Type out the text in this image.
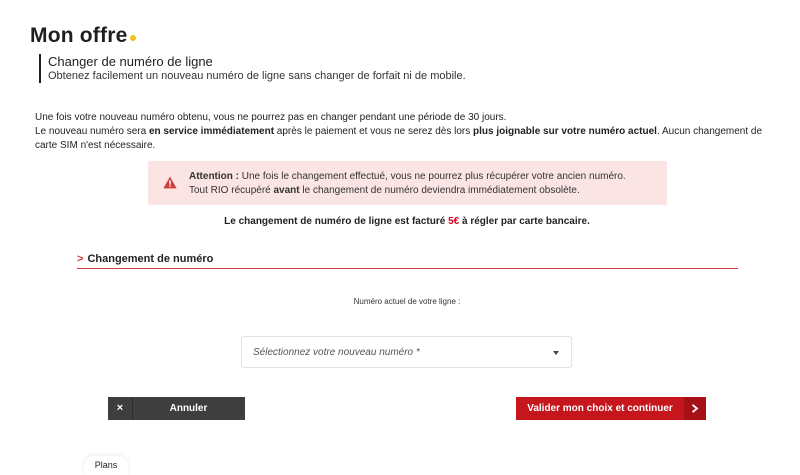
Mon offre
Changer de numéro de ligne
Obtenez facilement un nouveau numéro de ligne sans changer de forfait ni de mobile.

Une fois votre nouveau numéro obtenu, vous ne pourrez pas en changer pendant une période de 30 jours.

Le nouveau numéro sera en service immédiatement après le paiement et vous ne serez dès lors plus joignable sur votre numéro actuel. Aucun changement de carte SIM n'est nécessaire.

Attention : Une fois le changement effectué, vous ne pourrez plus récupérer votre ancien numéro.

Tout RIO récupéré avant le changement de numéro deviendra immédiatement obsolète.

Le changement de numéro de ligne est facturé 5€ à régler par carte bancaire.
> Changement de numéro
Numéro actuel de votre ligne :
Sélectionnez votre nouveau numéro *
×	Annuler	Valider mon choix et continuer
Plans
